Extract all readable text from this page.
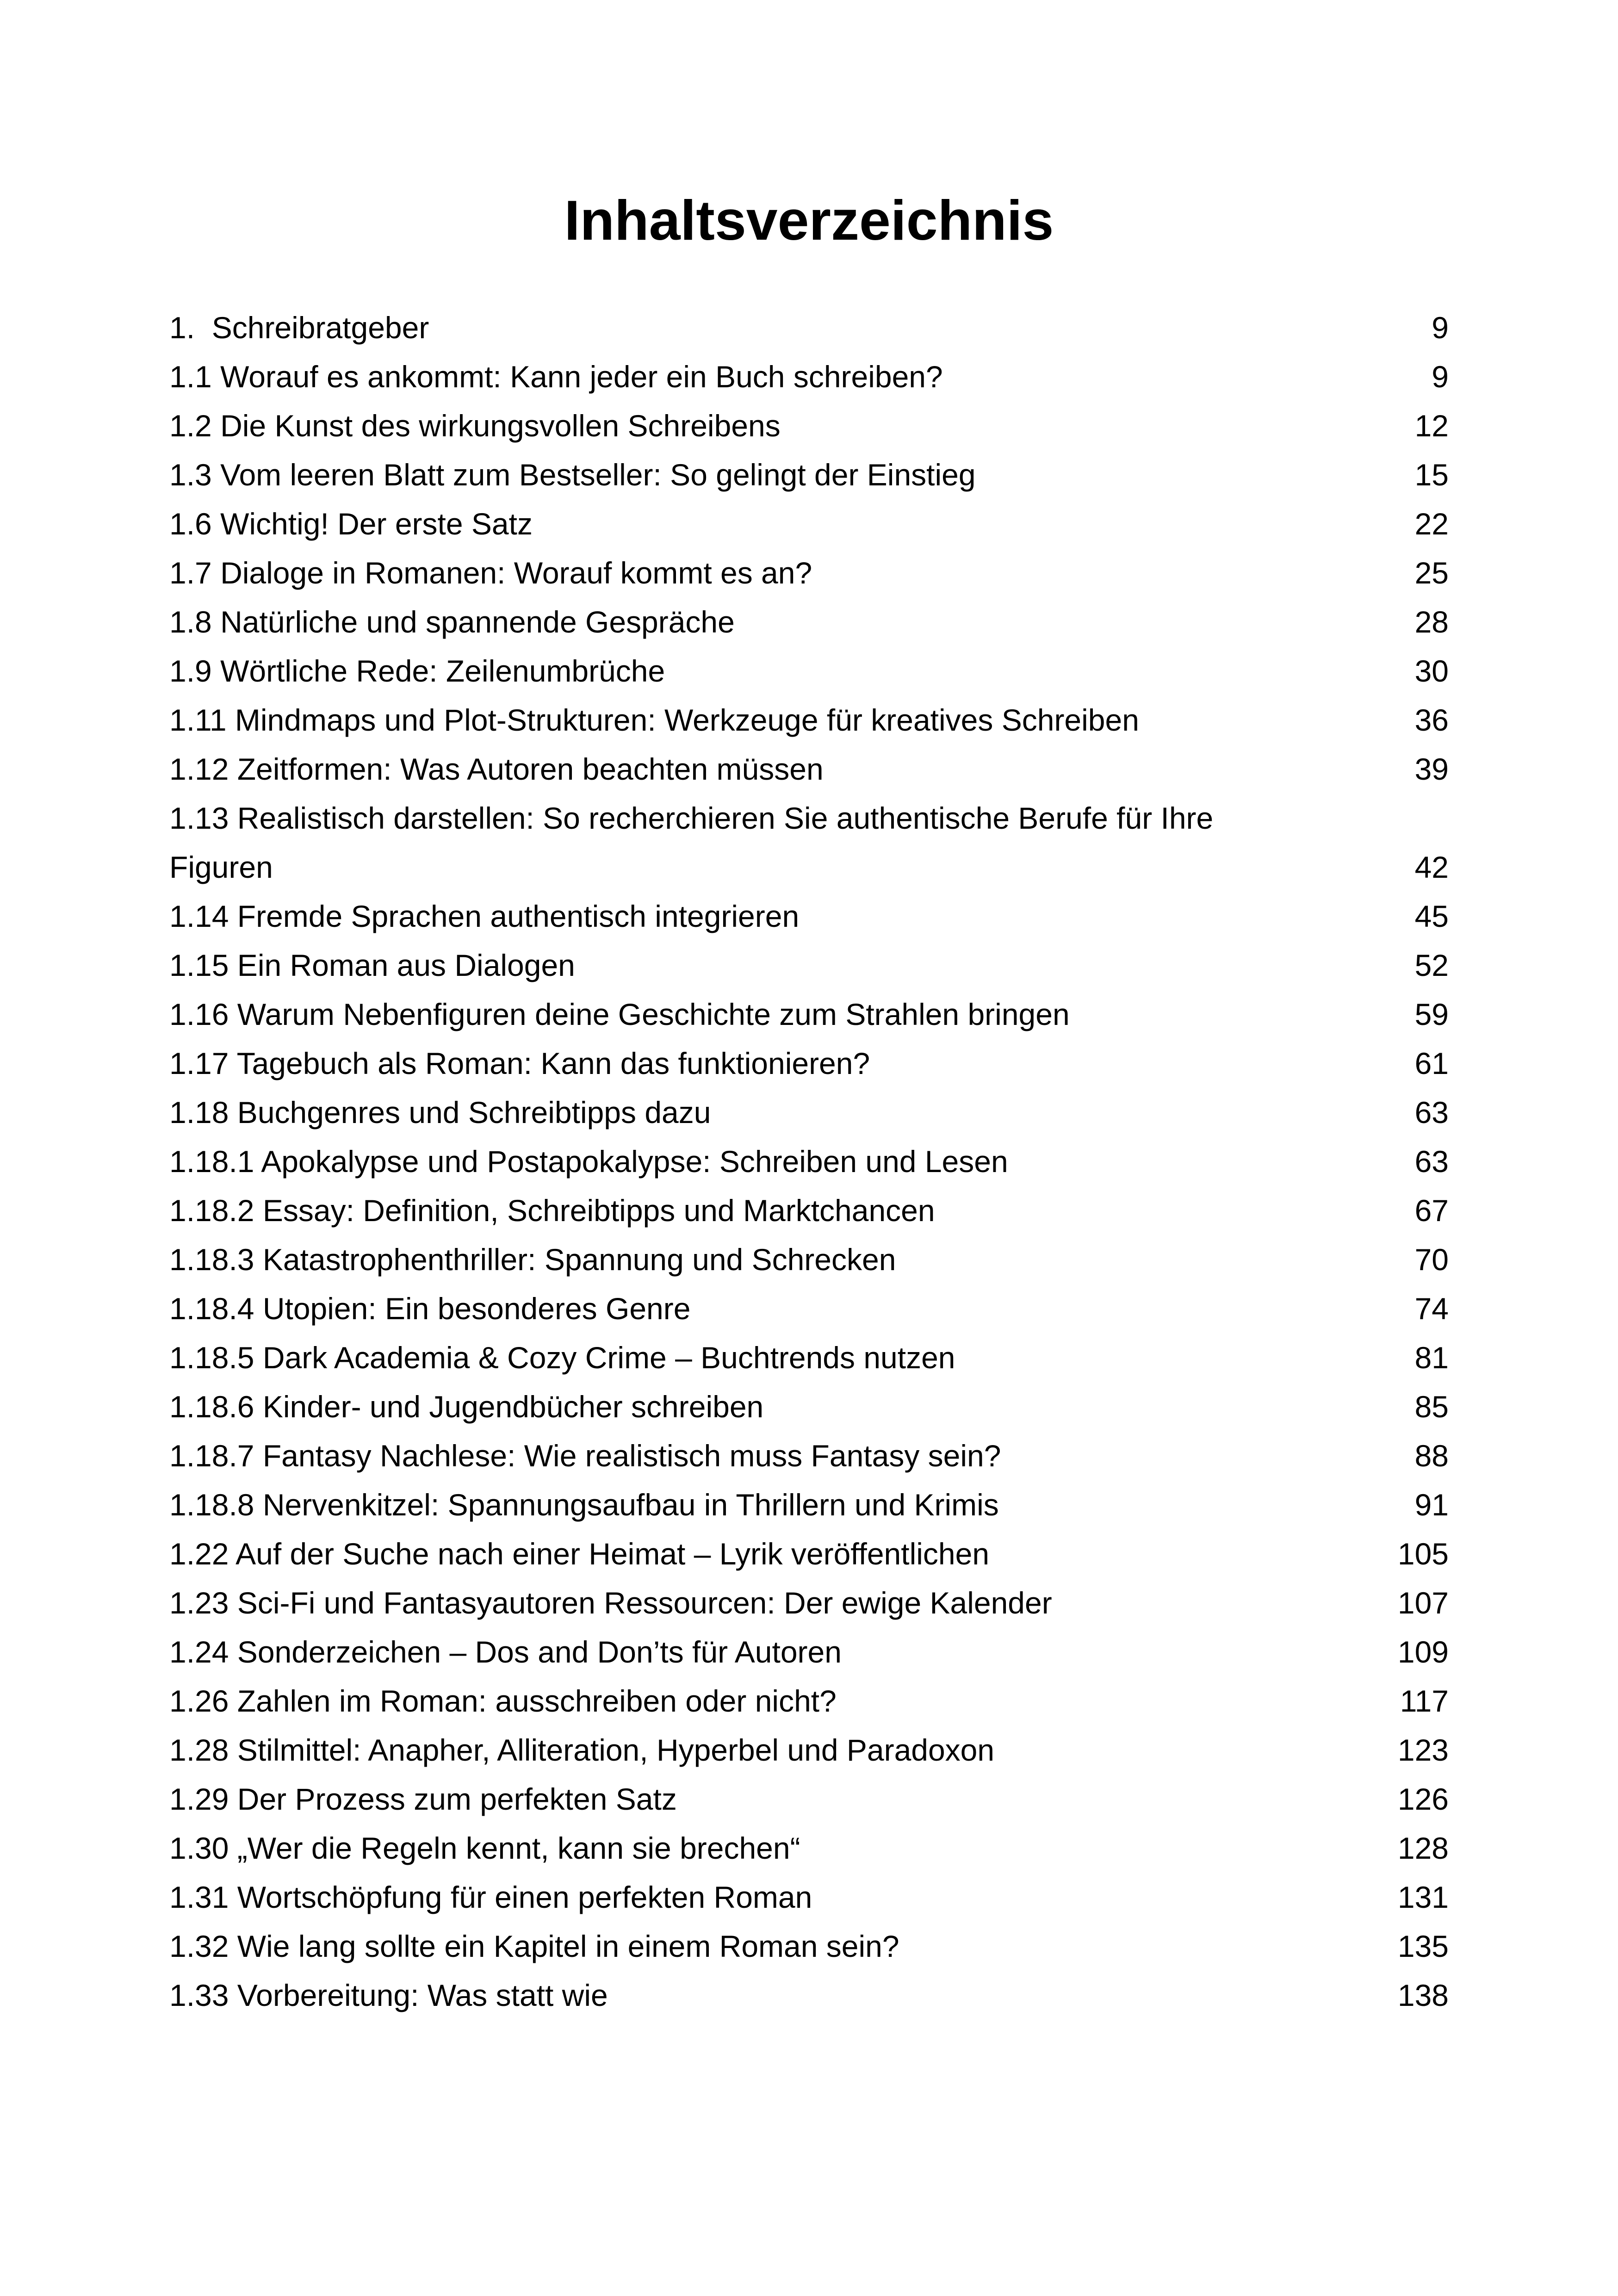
Inhaltsverzeichnis
1.  Schreibratgeber	9
1.1 Worauf es ankommt: Kann jeder ein Buch schreiben?	9
1.2 Die Kunst des wirkungsvollen Schreibens	12
1.3 Vom leeren Blatt zum Bestseller: So gelingt der Einstieg	15
1.6 Wichtig! Der erste Satz	22
1.7 Dialoge in Romanen: Worauf kommt es an?	25
1.8 Natürliche und spannende Gespräche	28
1.9 Wörtliche Rede: Zeilenumbrüche	30
1.11 Mindmaps und Plot-Strukturen: Werkzeuge für kreatives Schreiben	36
1.12 Zeitformen: Was Autoren beachten müssen	39
1.13 Realistisch darstellen: So recherchieren Sie authentische Berufe für Ihre
Figuren	42
1.14 Fremde Sprachen authentisch integrieren	45
1.15 Ein Roman aus Dialogen	52
1.16 Warum Nebenfiguren deine Geschichte zum Strahlen bringen	59
1.17 Tagebuch als Roman: Kann das funktionieren?	61
1.18 Buchgenres und Schreibtipps dazu	63
1.18.1 Apokalypse und Postapokalypse: Schreiben und Lesen	63
1.18.2 Essay: Definition, Schreibtipps und Marktchancen	67
1.18.3 Katastrophenthriller: Spannung und Schrecken	70
1.18.4 Utopien: Ein besonderes Genre	74
1.18.5 Dark Academia & Cozy Crime – Buchtrends nutzen	81
1.18.6 Kinder- und Jugendbücher schreiben	85
1.18.7 Fantasy Nachlese: Wie realistisch muss Fantasy sein?	88
1.18.8 Nervenkitzel: Spannungsaufbau in Thrillern und Krimis	91
1.22 Auf der Suche nach einer Heimat – Lyrik veröffentlichen	105
1.23 Sci-Fi und Fantasyautoren Ressourcen: Der ewige Kalender	107
1.24 Sonderzeichen – Dos and Don’ts für Autoren	109
1.26 Zahlen im Roman: ausschreiben oder nicht?	117
1.28 Stilmittel: Anapher, Alliteration, Hyperbel und Paradoxon	123
1.29 Der Prozess zum perfekten Satz	126
1.30 „Wer die Regeln kennt, kann sie brechen“	128
1.31 Wortschöpfung für einen perfekten Roman	131
1.32 Wie lang sollte ein Kapitel in einem Roman sein?	135
1.33 Vorbereitung: Was statt wie	138
